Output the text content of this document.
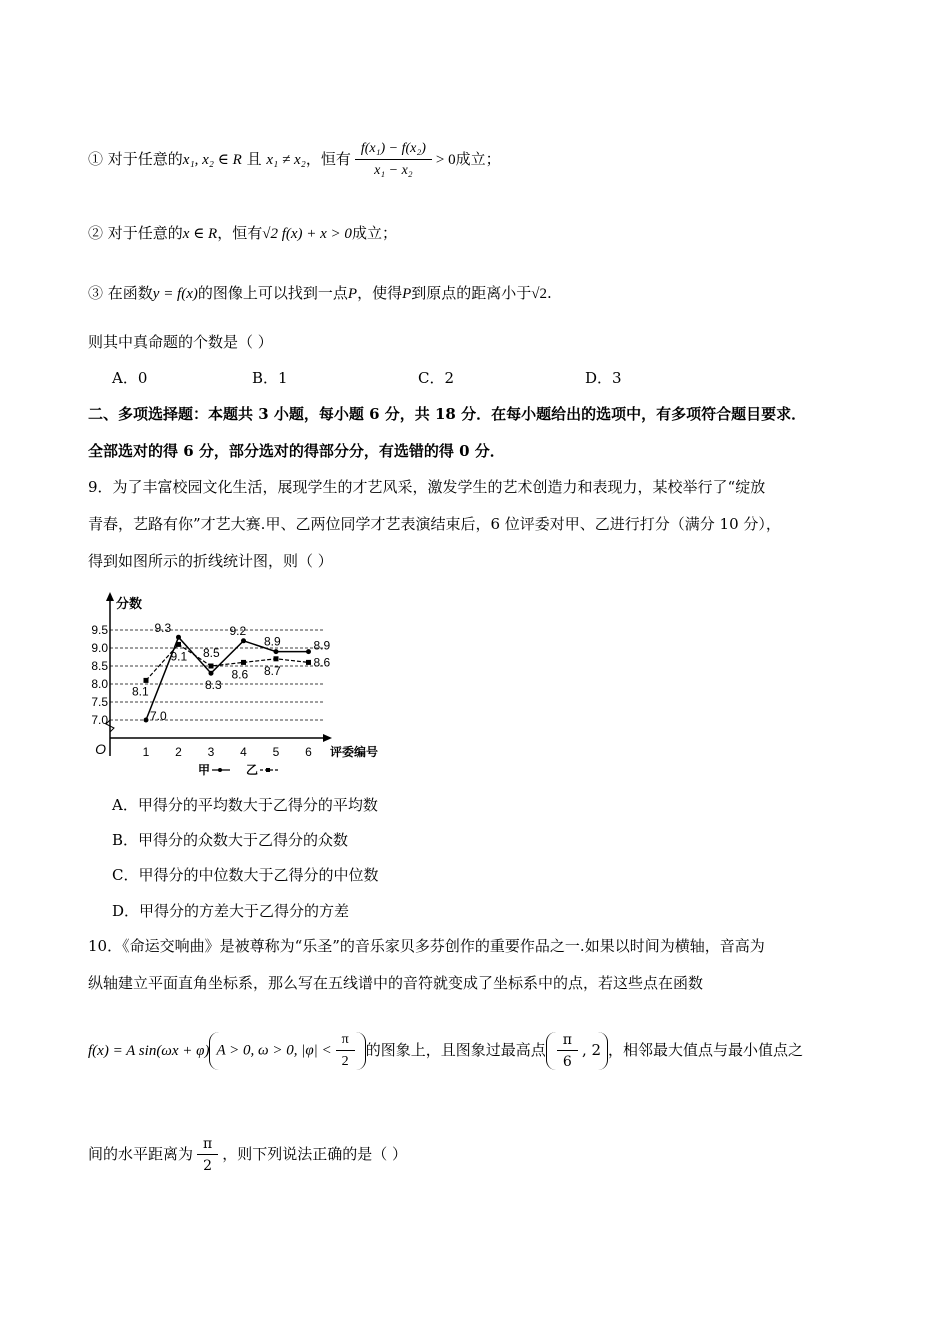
① 对于任意的x₁, x₂ ∈ R 且 x₁ ≠ x₂，恒有 $\frac{\text{f(x₁) − f(x₂)}}{\text{x₁ − x₂}} > 0$成立；
② 对于任意的x ∈ R，恒有√2 f(x) + x > 0成立；
③ 在函数y = f(x)的图像上可以找到一点P，使得P到原点的距离小于√2.
则其中真命题的个数是（ ）
A．0	B．1	C．2	D．3
二、多项选择题：本题共 3 小题，每小题 6 分，共 18 分．在每小题给出的选项中，有多项符合题目要求．
全部选对的得 6 分，部分选对的得部分分，有选错的得 0 分．
9．为了丰富校园文化生活，展现学生的才艺风采，激发学生的艺术创造力和表现力，某校举行了“绽放
青春，艺路有你”才艺大赛.甲、乙两位同学才艺表演结束后，6 位评委对甲、乙进行打分（满分 10 分），
得到如图所示的折线统计图，则（ ）
分数
评委编号
O
7.0
7.5
8.0
8.5
9.0
9.5
1 2 3 4 5 6
7.0
9.3
8.3
9.2
8.9	8.9
8.1
9.1 8.5
8.6 8.7
8.6
甲	乙
A．甲得分的平均数大于乙得分的平均数
B．甲得分的众数大于乙得分的众数
C．甲得分的中位数大于乙得分的中位数
D．甲得分的方差大于乙得分的方差
10．《命运交响曲》是被尊称为“乐圣”的音乐家贝多芬创作的重要作品之一.如果以时间为横轴，音高为
纵轴建立平面直角坐标系，那么写在五线谱中的音符就变成了坐标系中的点，若这些点在函数
f(x) = A sin(ωx + φ) A > 0, ω > 0, $|\varphi| < \frac{\pi}{2}$ 的图象上，且图象过最高点 $\frac{\pi}{6}$ , 2 ，相邻最大值点与最小值点之
间的水平距离为 $\frac{\pi}{2}$ ，则下列说法正确的是（ ）
